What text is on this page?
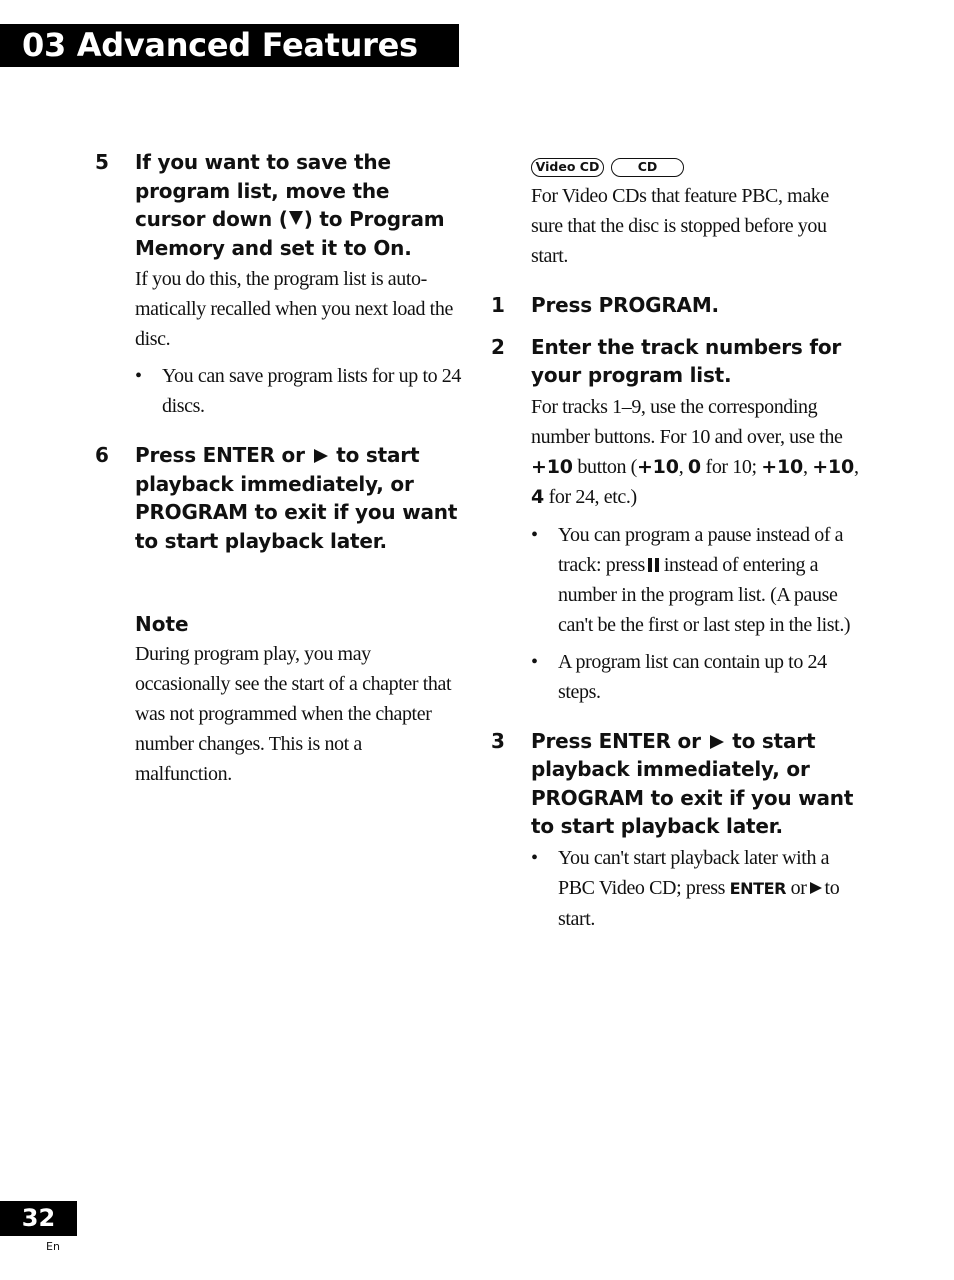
03 Advanced Features
5 If you want to save the program list, move the cursor down ( ) to Program Memory and set it to On.

If you do this, the program list is auto-matically recalled when you next load the disc.

• You can save program lists for up to 24 discs.

6 Press ENTER or to start playback immediately, or PROGRAM to exit if you want to start playback later.

Note

During program play, you may occasionally see the start of a chapter that was not programmed when the chapter number changes. This is not a malfunction.

Video CD	CD

For Video CDs that feature PBC, make sure that the disc is stopped before you start.

1 Press PROGRAM.

2 Enter the track numbers for your program list.

For tracks 1–9, use the corresponding number buttons. For 10 and over, use the +10 button (+10, 0 for 10; +10, +10, 4 for 24, etc.)

• You can program a pause instead of a track: press instead of entering a number in the program list. (A pause can't be the first or last step in the list.)

• A program list can contain up to 24 steps.

3 Press ENTER or to start playback immediately, or PROGRAM to exit if you want to start playback later.

• You can't start playback later with a PBC Video CD; press ENTER or to start.

32
En
